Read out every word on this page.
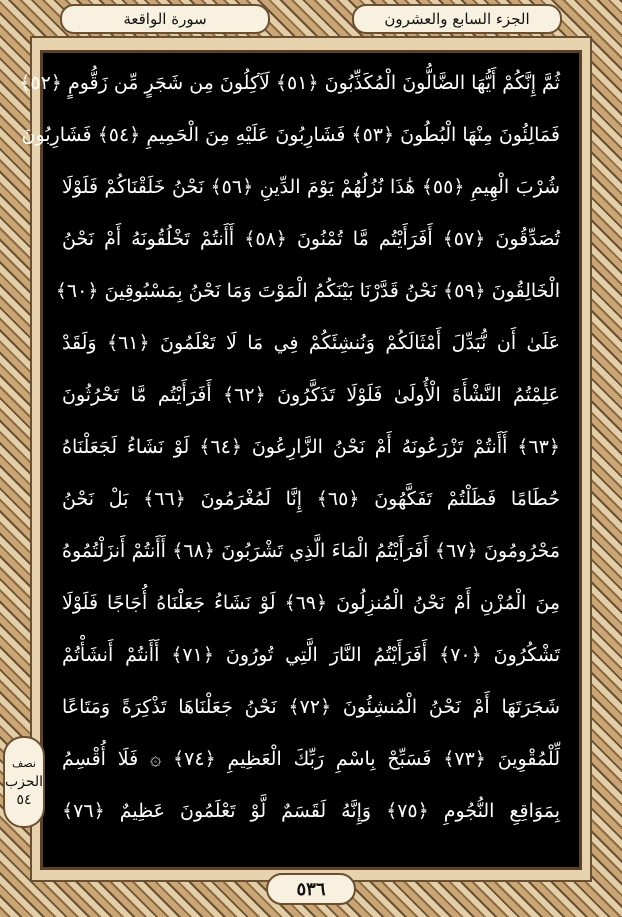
الجزء السابع والعشرون
سورة الواقعة
ثُمَّ إِنَّكُمْ أَيُّهَا الضَّالُّونَ الْمُكَذِّبُونَ ﴿٥١﴾ لَآكِلُونَ مِن شَجَرٍ مِّن زَقُّومٍ ﴿٥٢﴾
فَمَالِئُونَ مِنْهَا الْبُطُونَ ﴿٥٣﴾ فَشَارِبُونَ عَلَيْهِ مِنَ الْحَمِيمِ ﴿٥٤﴾ فَشَارِبُونَ
شُرْبَ الْهِيمِ ﴿٥٥﴾ هَٰذَا نُزُلُهُمْ يَوْمَ الدِّينِ ﴿٥٦﴾ نَحْنُ خَلَقْنَاكُمْ فَلَوْلَا
تُصَدِّقُونَ ﴿٥٧﴾ أَفَرَأَيْتُم مَّا تُمْنُونَ ﴿٥٨﴾ أَأَنتُمْ تَخْلُقُونَهُ أَمْ نَحْنُ
الْخَالِقُونَ ﴿٥٩﴾ نَحْنُ قَدَّرْنَا بَيْنَكُمُ الْمَوْتَ وَمَا نَحْنُ بِمَسْبُوقِينَ ﴿٦٠﴾
عَلَىٰ أَن نُّبَدِّلَ أَمْثَالَكُمْ وَنُنشِئَكُمْ فِي مَا لَا تَعْلَمُونَ ﴿٦١﴾ وَلَقَدْ
عَلِمْتُمُ النَّشْأَةَ الْأُولَىٰ فَلَوْلَا تَذَكَّرُونَ ﴿٦٢﴾ أَفَرَأَيْتُم مَّا تَحْرُثُونَ
﴿٦٣﴾ أَأَنتُمْ تَزْرَعُونَهُ أَمْ نَحْنُ الزَّارِعُونَ ﴿٦٤﴾ لَوْ نَشَاءُ لَجَعَلْنَاهُ
حُطَامًا فَظَلْتُمْ تَفَكَّهُونَ ﴿٦٥﴾ إِنَّا لَمُغْرَمُونَ ﴿٦٦﴾ بَلْ نَحْنُ
مَحْرُومُونَ ﴿٦٧﴾ أَفَرَأَيْتُمُ الْمَاءَ الَّذِي تَشْرَبُونَ ﴿٦٨﴾ أَأَنتُمْ أَنزَلْتُمُوهُ
مِنَ الْمُزْنِ أَمْ نَحْنُ الْمُنزِلُونَ ﴿٦٩﴾ لَوْ نَشَاءُ جَعَلْنَاهُ أُجَاجًا فَلَوْلَا
تَشْكُرُونَ ﴿٧٠﴾ أَفَرَأَيْتُمُ النَّارَ الَّتِي تُورُونَ ﴿٧١﴾ أَأَنتُمْ أَنشَأْتُمْ
شَجَرَتَهَا أَمْ نَحْنُ الْمُنشِئُونَ ﴿٧٢﴾ نَحْنُ جَعَلْنَاهَا تَذْكِرَةً وَمَتَاعًا
لِّلْمُقْوِينَ ﴿٧٣﴾ فَسَبِّحْ بِاسْمِ رَبِّكَ الْعَظِيمِ ﴿٧٤﴾ ۞ فَلَا أُقْسِمُ
بِمَوَاقِعِ النُّجُومِ ﴿٧٥﴾ وَإِنَّهُ لَقَسَمٌ لَّوْ تَعْلَمُونَ عَظِيمٌ ﴿٧٦﴾
نصف
الحزب
٥٤
٥٣٦
